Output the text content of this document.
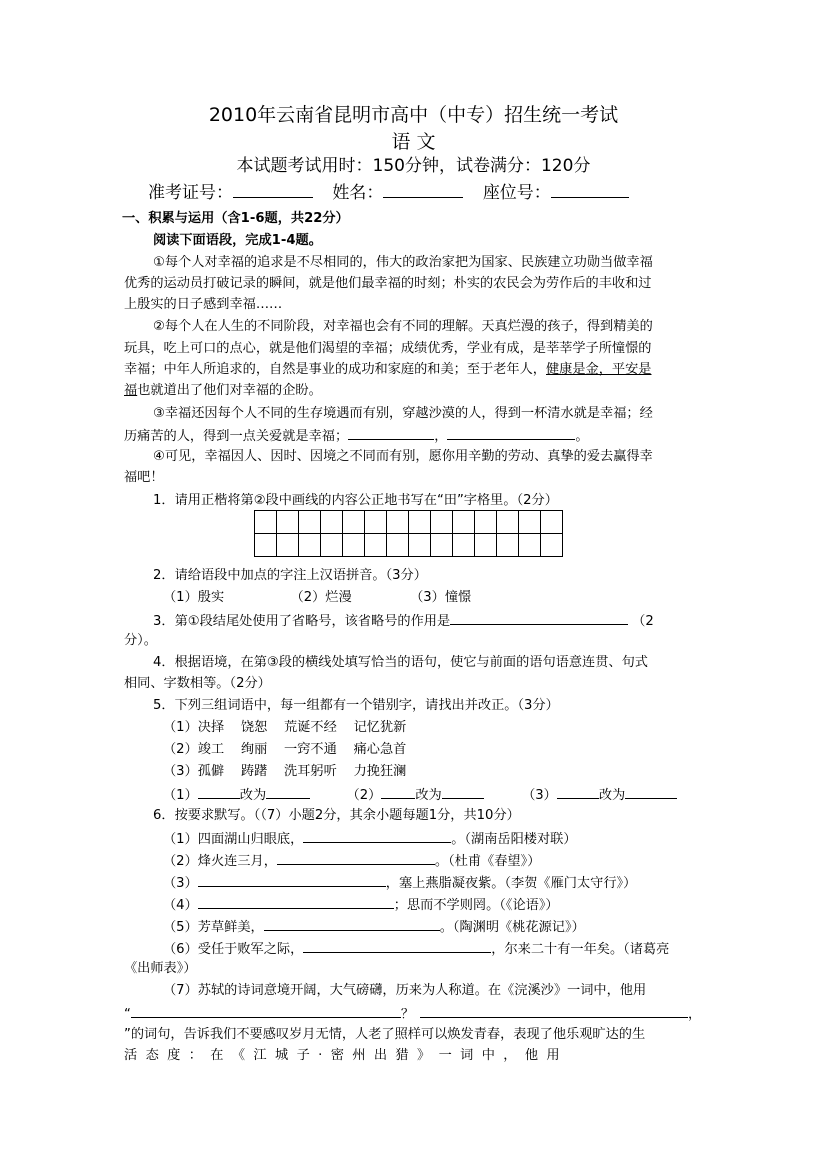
2010年云南省昆明市高中（中专）招生统一考试
语 文
本试题考试用时：150分钟，试卷满分：120分
准考证号：	姓名：	座位号：
一、积累与运用（含1-6题，共22分）
阅读下面语段，完成1-4题。
①每个人对幸福的追求是不尽相同的，伟大的政治家把为国家、民族建立功勋当做幸福
优秀的运动员打破记录的瞬间，就是他们最幸福的时刻；朴实的农民会为劳作后的丰收和过
上殷实的日子感到幸福……
②每个人在人生的不同阶段，对幸福也会有不同的理解。天真烂漫的孩子，得到精美的
玩具，吃上可口的点心，就是他们渴望的幸福；成绩优秀，学业有成，是莘莘学子所憧憬的
幸福；中年人所追求的，自然是事业的成功和家庭的和美；至于老年人，健康是金，平安是
福也就道出了他们对幸福的企盼。
③幸福还因每个人不同的生存境遇而有别，穿越沙漠的人，得到一杯清水就是幸福；经
历痛苦的人，得到一点关爱就是幸福；	，	。
④可见，幸福因人、因时、因境之不同而有别，愿你用辛勤的劳动、真挚的爱去赢得幸
福吧！
1．请用正楷将第②段中画线的内容公正地书写在“田”字格里。（2分）

2．请给语段中加点的字注上汉语拼音。（3分）
（1）殷实	（2）烂漫	（3）憧憬
3．第①段结尾处使用了省略号，该省略号的作用是	（2
分）。
4．根据语境，在第③段的横线处填写恰当的语句，使它与前面的语句语意连贯、句式
相同、字数相等。（2分）
5．下列三组词语中，每一组都有一个错别字，请找出并改正。（3分）
（1）决择    饶恕    荒诞不经    记忆犹新
（2）竣工    绚丽    一窍不通    痛心急首
（3）孤僻    踌躇    洗耳躬听    力挽狂澜
（1）	改为	（2）	改为	（3）	改为
6．按要求默写。（（7）小题2分，其余小题每题1分，共10分）
（1）四面湖山归眼底，	。（湖南岳阳楼对联）
（2）烽火连三月，	。（杜甫《春望》）
（3）	，塞上燕脂凝夜紫。（李贺《雁门太守行》）
（4）	；思而不学则罔。（《论语》）
（5）芳草鲜美，	。（陶渊明《桃花源记》）
（6）受任于败军之际，	，尔来二十有一年矣。（诸葛亮
《出师表》）
（7）苏轼的诗词意境开阔，大气磅礴，历来为人称道。在《浣溪沙》一词中，他用
“	？	，
”的词句，告诉我们不要感叹岁月无情，人老了照样可以焕发青春，表现了他乐观旷达的生
活  态  度  ：  在  《  江  城  子  ·  密  州  出  猎  》  一  词  中  ，  他  用
